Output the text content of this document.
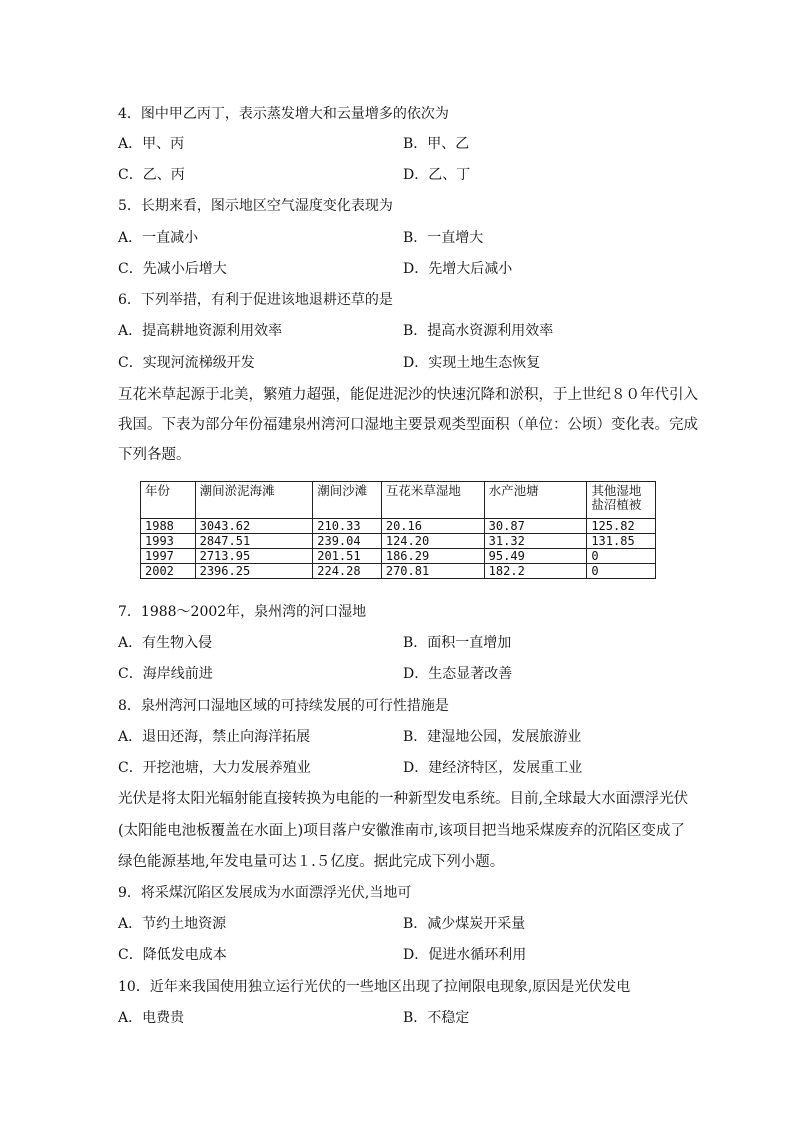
4．图中甲乙丙丁，表示蒸发增大和云量增多的依次为
A．甲、丙	B．甲、乙
C．乙、丙	D．乙、丁
5．长期来看，图示地区空气湿度变化表现为
A．一直减小	B．一直增大
C．先减小后增大	D．先增大后减小
6．下列举措，有利于促进该地退耕还草的是
A．提高耕地资源利用效率	B．提高水资源利用效率
C．实现河流梯级开发	D．实现土地生态恢复
互花米草起源于北美，繁殖力超强，能促进泥沙的快速沉降和淤积，于上世纪８０年代引入
我国。下表为部分年份福建泉州湾河口湿地主要景观类型面积（单位：公顷）变化表。完成
下列各题。
年份	潮间淤泥海滩	潮间沙滩	互花米草湿地	水产池塘	其他湿地盐沼植被
1988	3043.62	210.33	20.16	30.87	125.82
1993	2847.51	239.04	124.20	31.32	131.85
1997	2713.95	201.51	186.29	95.49	0
2002	2396.25	224.28	270.81	182.2	0
7．1988～2002年，泉州湾的河口湿地
A．有生物入侵	B．面积一直增加
C．海岸线前进	D．生态显著改善
8．泉州湾河口湿地区域的可持续发展的可行性措施是
A．退田还海，禁止向海洋拓展	B．建湿地公园，发展旅游业
C．开挖池塘，大力发展养殖业	D．建经济特区，发展重工业
光伏是将太阳光辐射能直接转换为电能的一种新型发电系统。目前,全球最大水面漂浮光伏
(太阳能电池板覆盖在水面上)项目落户安徽淮南市,该项目把当地采煤废弃的沉陷区变成了
绿色能源基地,年发电量可达１.５亿度。据此完成下列小题。
9．将采煤沉陷区发展成为水面漂浮光伏,当地可
A．节约土地资源	B．减少煤炭开采量
C．降低发电成本	D．促进水循环利用
10．近年来我国使用独立运行光伏的一些地区出现了拉闸限电现象,原因是光伏发电
A．电费贵	B．不稳定
